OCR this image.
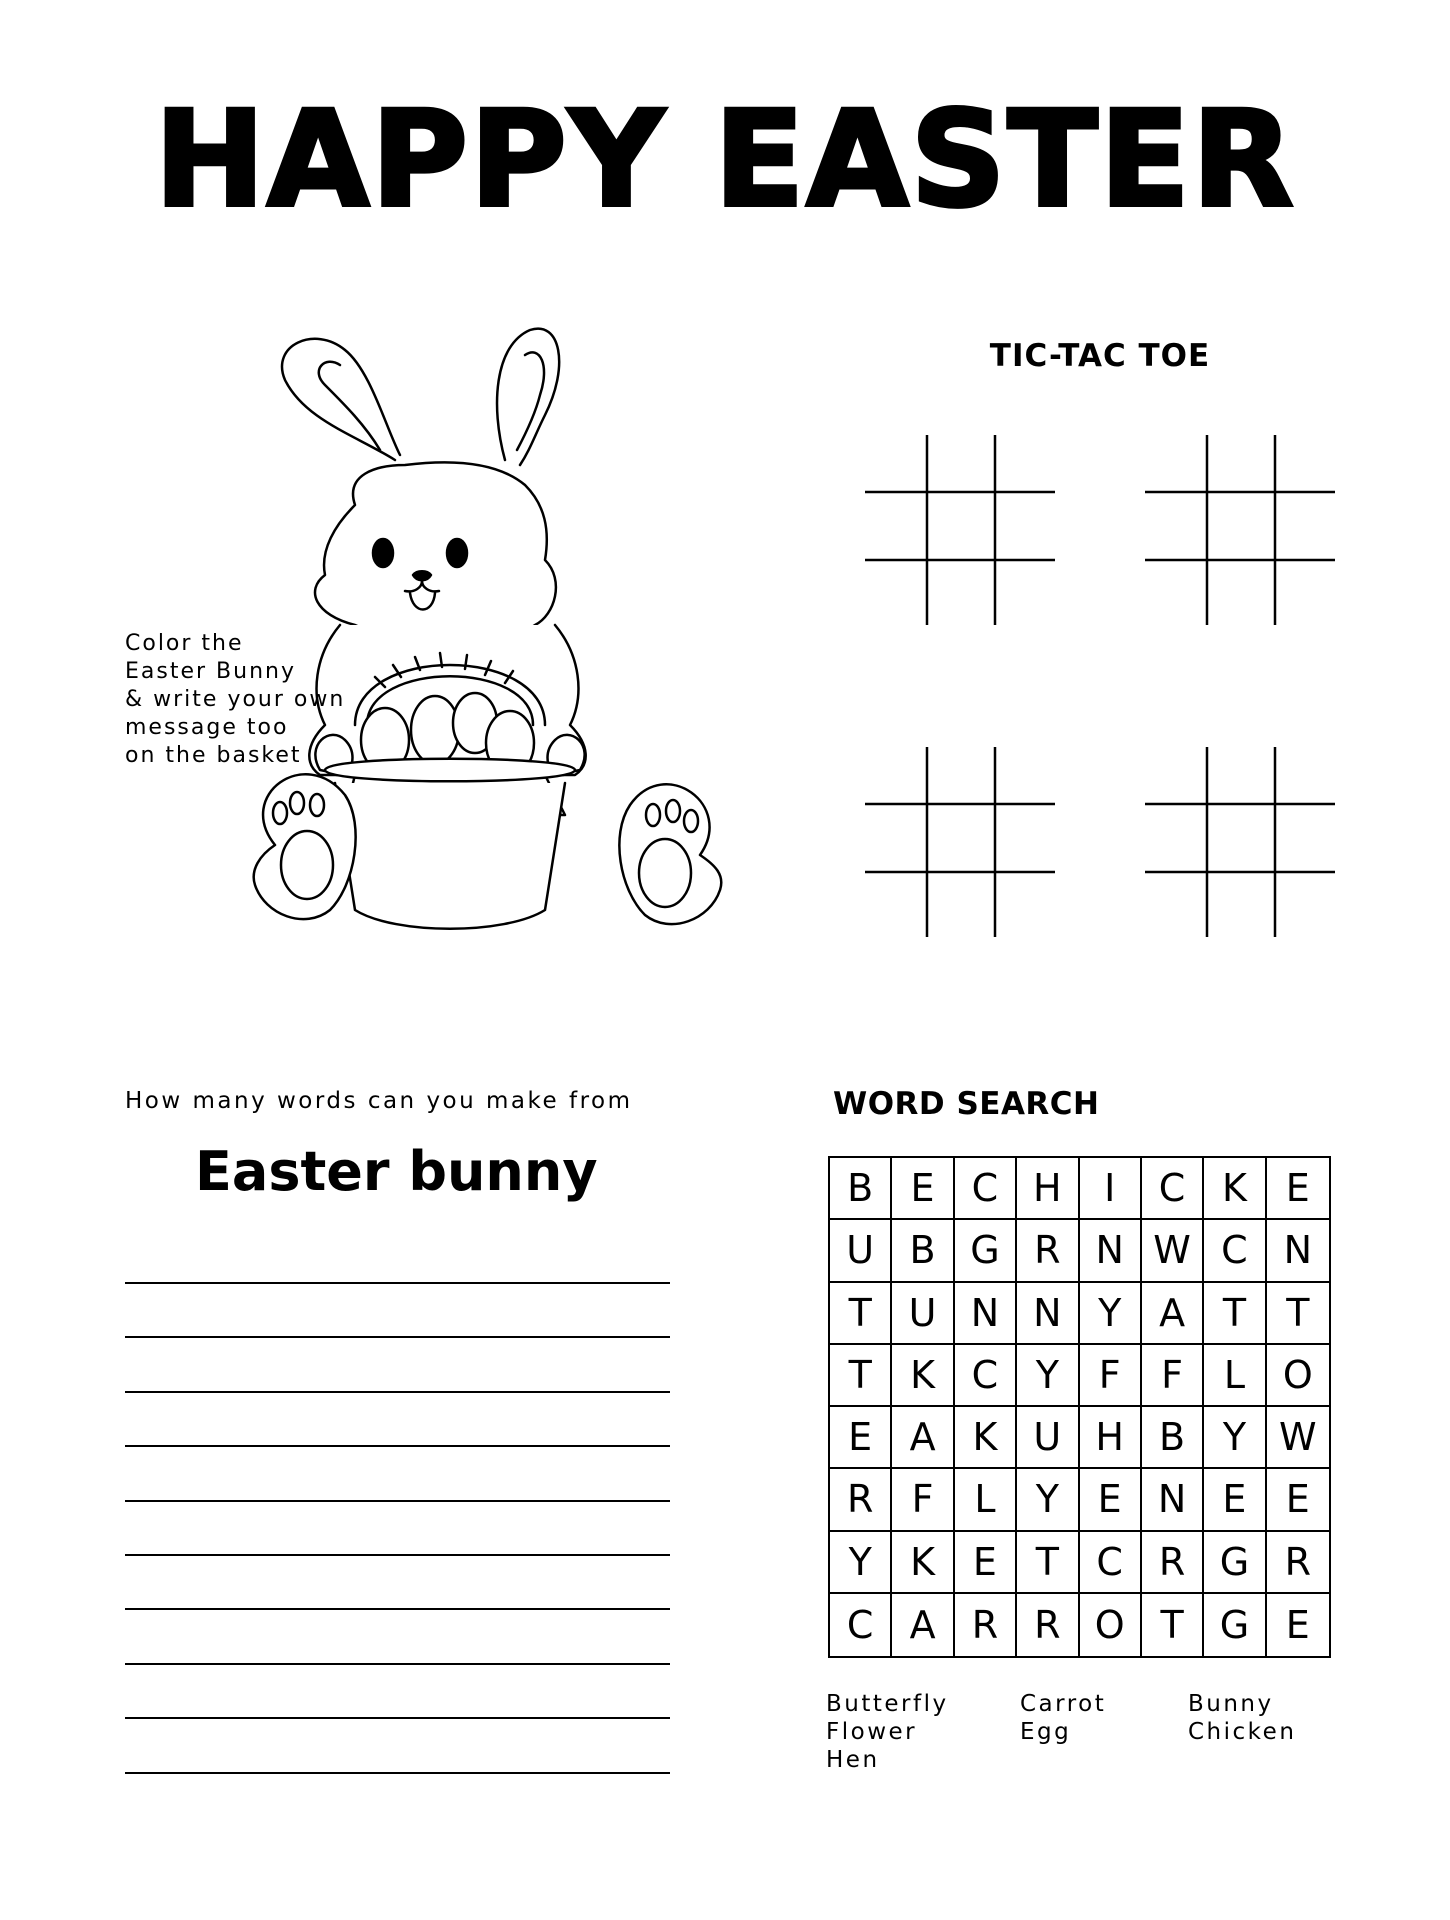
HAPPY EASTER
Color the
Easter Bunny
& write your own
message too
on the basket
TIC-TAC TOE
How many words can you make from
Easter bunny
WORD SEARCH
B E C H	I	C K	E
U B G R N W C N
T U N N Y A T	T
T	K C Y	F	F	L O
E A K U H B Y W
R	F	L	Y	E N E	E
Y	K E	T C R G R
C A R R O T G E
Butterfly
Flower
Hen
Carrot
Egg
Bunny
Chicken
